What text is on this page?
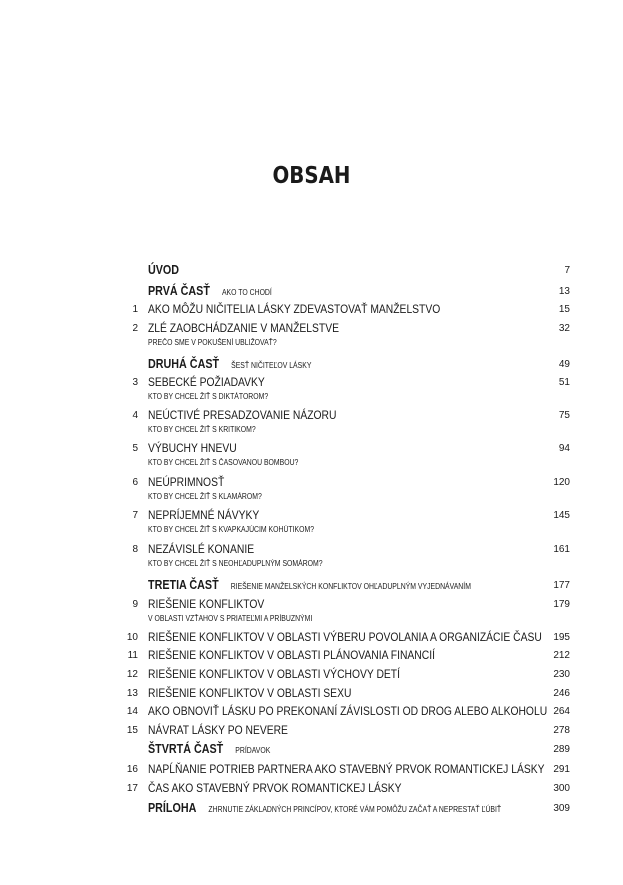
OBSAH
ÚVOD	7
PRVÁ ČASŤ AKO TO CHODÍ	13
1 AKO MÔŽU NIČITELIA LÁSKY ZDEVASTOVAŤ MANŽELSTVO	15
2 ZLÉ ZAOBCHÁDZANIE V MANŽELSTVE	32
PREČO SME V POKUŠENÍ UBLIŽOVAŤ?
DRUHÁ ČASŤ ŠESŤ NIČITEĽOV LÁSKY	49
3 SEBECKÉ POŽIADAVKY	51
KTO BY CHCEL ŽIŤ S DIKTÁTOROM?
4 NEÚCTIVÉ PRESADZOVANIE NÁZORU	75
KTO BY CHCEL ŽIŤ S KRITIKOM?
5 VÝBUCHY HNEVU	94
KTO BY CHCEL ŽIŤ S ČASOVANOU BOMBOU?
6 NEÚPRIMNOSŤ	120
KTO BY CHCEL ŽIŤ S KLAMÁROM?
7 NEPRÍJEMNÉ NÁVYKY	145
KTO BY CHCEL ŽIŤ S KVAPKAJÚCIM KOHÚTIKOM?
8 NEZÁVISLÉ KONANIE	161
KTO BY CHCEL ŽIŤ S NEOHĽADUPLNÝM SOMÁROM?
TRETIA ČASŤ RIEŠENIE MANŽELSKÝCH KONFLIKTOV OHĽADUPLNÝM VYJEDNÁVANÍM	177
9 RIEŠENIE KONFLIKTOV	179
V OBLASTI VZŤAHOV S PRIATEĽMI A PRÍBUZNÝMI
10 RIEŠENIE KONFLIKTOV V OBLASTI VÝBERU POVOLANIA A ORGANIZÁCIE ČASU 195
11 RIEŠENIE KONFLIKTOV V OBLASTI PLÁNOVANIA FINANCIÍ	212
12 RIEŠENIE KONFLIKTOV V OBLASTI VÝCHOVY DETÍ	230
13 RIEŠENIE KONFLIKTOV V OBLASTI SEXU	246
14 AKO OBNOVIŤ LÁSKU PO PREKONANÍ ZÁVISLOSTI OD DROG ALEBO ALKOHOLU 264
15 NÁVRAT LÁSKY PO NEVERE	278
ŠTVRTÁ ČASŤ PRÍDAVOK	289
16 NAPĹŇANIE POTRIEB PARTNERA AKO STAVEBNÝ PRVOK ROMANTICKEJ LÁSKY 291
17 ČAS AKO STAVEBNÝ PRVOK ROMANTICKEJ LÁSKY	300
PRÍLOHA ZHRNUTIE ZÁKLADNÝCH PRINCÍPOV, KTORÉ VÁM POMÔŽU ZAČAŤ A NEPRESTAŤ ĽÚBIŤ	309
